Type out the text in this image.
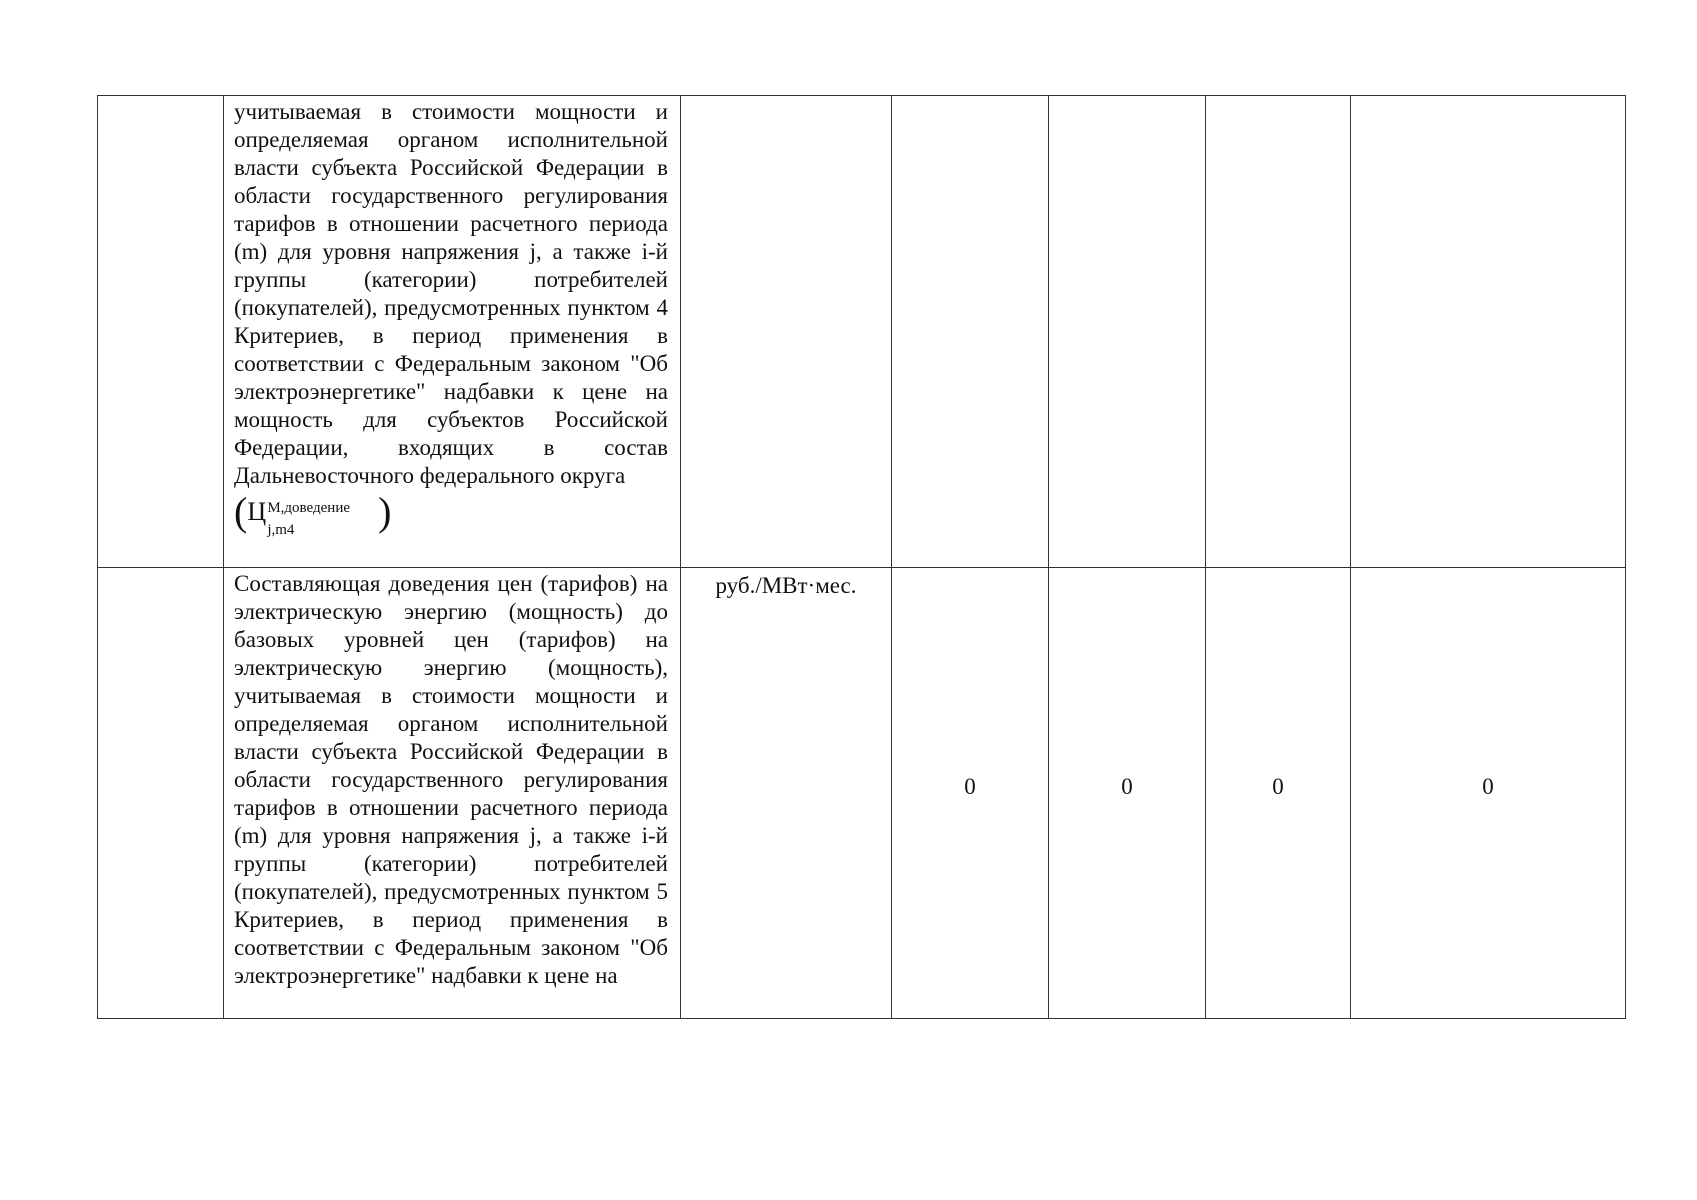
	учитываемая в стоимости мощности и определяемая органом исполнительной власти субъекта Российской Федерации в области государственного регулирования тарифов в отношении расчетного периода (m) для уровня напряжения j, а также i-й группы (категории) потребителей (покупателей), предусмотренных пунктом 4 Критериев, в период применения в соответствии с Федеральным законом "Об электроэнергетике" надбавки к цене на мощность для субъектов Российской Федерации, входящих в состав Дальневосточного федерального округа
(Ц М,доведение
j,m4 )					

	Составляющая доведения цен (тарифов) на электрическую энергию (мощность) до базовых уровней цен (тарифов) на электрическую энергию (мощность), учитываемая в стоимости мощности и определяемая органом исполнительной власти субъекта Российской Федерации в области государственного регулирования тарифов в отношении расчетного периода (m) для уровня напряжения j, а также i-й группы (категории) потребителей (покупателей), предусмотренных пунктом 5 Критериев, в период применения в соответствии с Федеральным законом "Об электроэнергетике" надбавки к цене на	руб./МВт·мес.	0	0	0	0
